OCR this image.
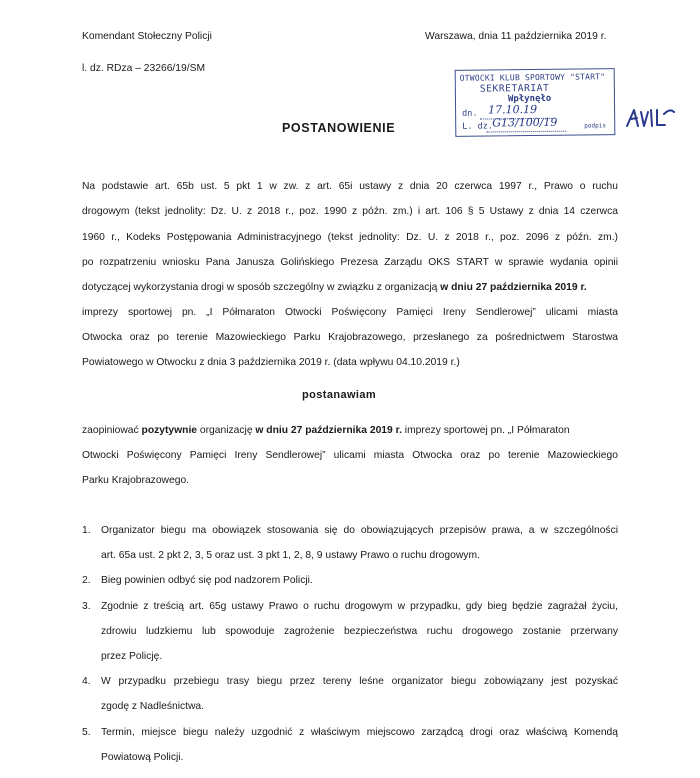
Komendant Stołeczny Policji	Warszawa, dnia 11 października 2019 r.
l. dz. RDza – 23266/19/SM
OTWOCKI KLUB SPORTOWY "START"
SEKRETARIAT
Wpłynęło
dn. 17.10.19
L. dz. G13/100/19	podpis
POSTANOWIENIE
Na podstawie art. 65b ust. 5 pkt 1 w zw. z art. 65i ustawy z dnia 20 czerwca 1997 r., Prawo o ruchu
drogowym (tekst jednolity: Dz. U. z 2018 r., poz. 1990 z późn. zm.) i art. 106 § 5 Ustawy z dnia 14 czerwca
1960 r., Kodeks Postępowania Administracyjnego (tekst jednolity: Dz. U. z 2018 r., poz. 2096 z późn. zm.)
po rozpatrzeniu wniosku Pana Janusza Golińskiego Prezesa Zarządu OKS START w sprawie wydania opinii
dotyczącej wykorzystania drogi w sposób szczególny w związku z organizacją w dniu 27 października 2019 r.
imprezy sportowej pn. „I Półmaraton Otwocki Poświęcony Pamięci Ireny Sendlerowej” ulicami miasta
Otwocka oraz po terenie Mazowieckiego Parku Krajobrazowego, przesłanego za pośrednictwem Starostwa
Powiatowego w Otwocku z dnia 3 października 2019 r. (data wpływu 04.10.2019 r.)
postanawiam
zaopiniować pozytywnie organizację w dniu 27 października 2019 r. imprezy sportowej pn. „I Półmaraton
Otwocki Poświęcony Pamięci Ireny Sendlerowej” ulicami miasta Otwocka oraz po terenie Mazowieckiego
Parku Krajobrazowego.
1. Organizator biegu ma obowiązek stosowania się do obowiązujących przepisów prawa, a w szczególności
art. 65a ust. 2 pkt 2, 3, 5 oraz ust. 3 pkt 1, 2, 8, 9 ustawy Prawo o ruchu drogowym.
2. Bieg powinien odbyć się pod nadzorem Policji.
3. Zgodnie z treścią art. 65g ustawy Prawo o ruchu drogowym w przypadku, gdy bieg będzie zagrażał życiu,
zdrowiu ludzkiemu lub spowoduje zagrożenie bezpieczeństwa ruchu drogowego zostanie przerwany
przez Policję.
4. W przypadku przebiegu trasy biegu przez tereny leśne organizator biegu zobowiązany jest pozyskać
zgodę z Nadleśnictwa.
5. Termin, miejsce biegu należy uzgodnić z właściwym miejscowo zarządcą drogi oraz właściwą Komendą
Powiatową Policji.
